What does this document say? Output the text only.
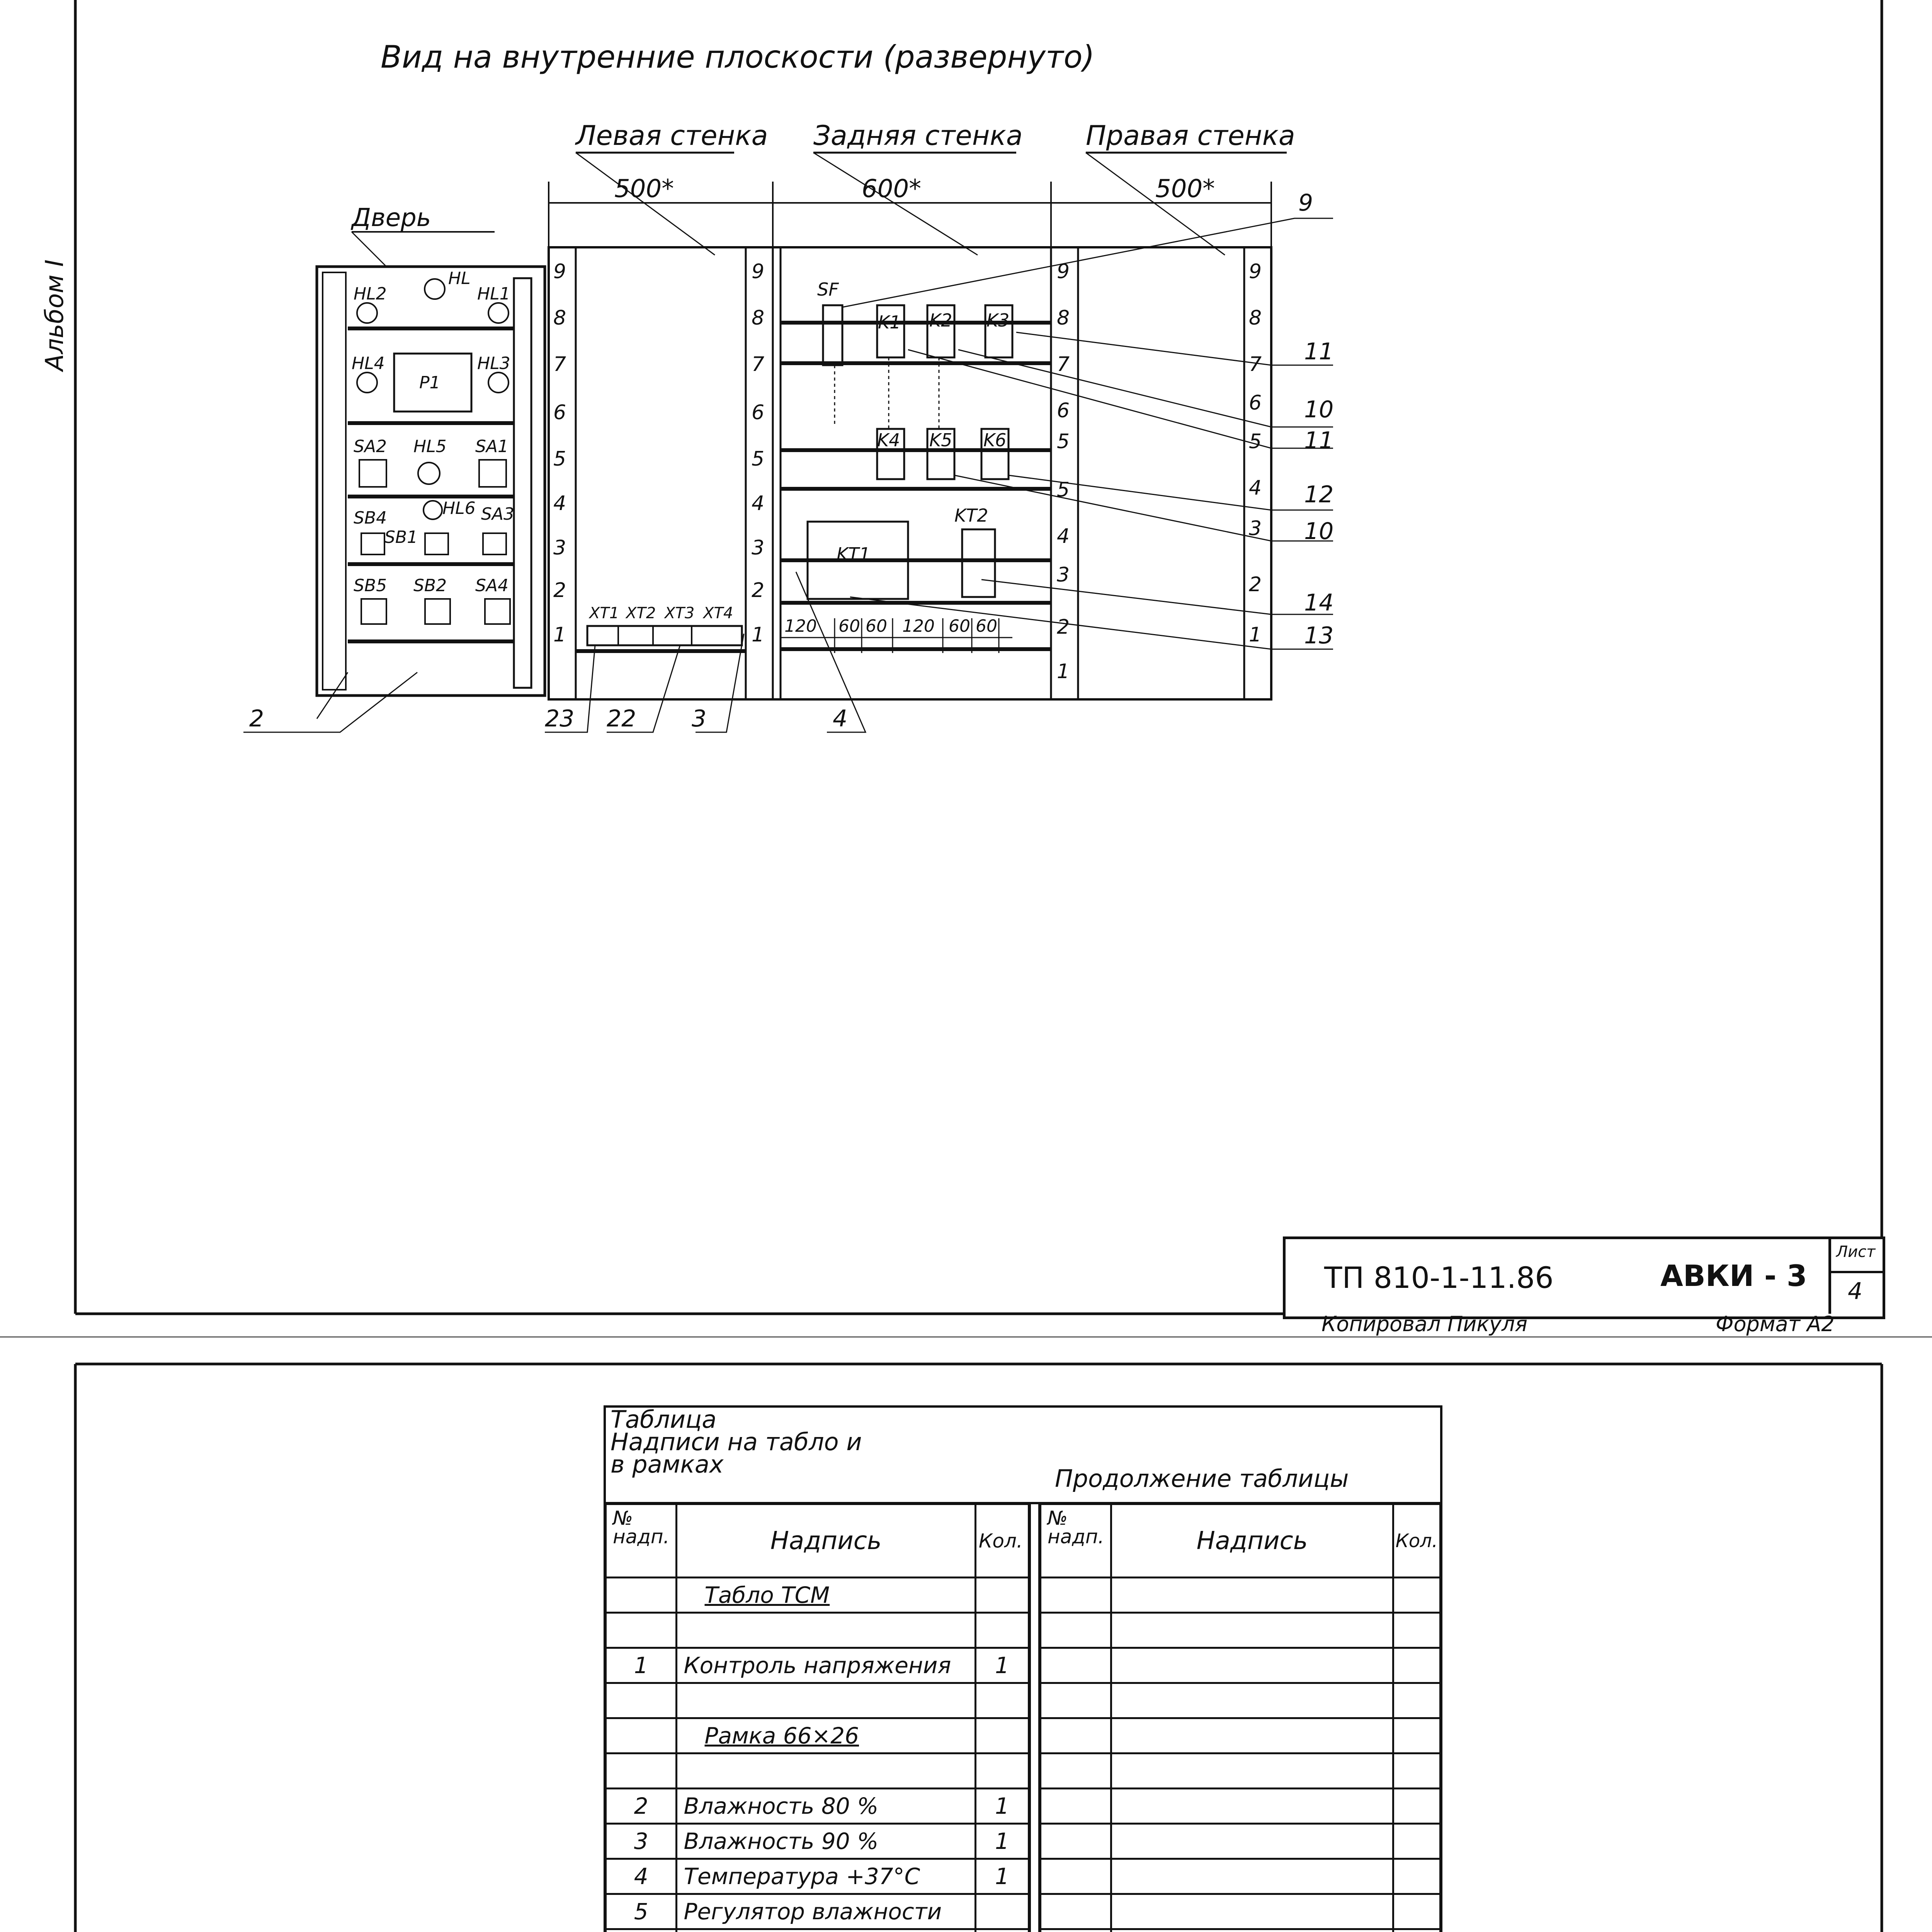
Альбом I
Вид на внутренние плоскости (развернуто)
Левая стенка Задняя стенка Правая стенка
500*	600*	500*
Дверь
HL2
HL
HL1
HL4	HL3
P1
SA2 HL5 SA1
SB4	HL6 SA3
SB1
SB5 SB2 SA4
9
8
7
6
5
4
3
2
1
9
8
7
6
5
4
3
2
1
9
8
7
6
5
5
4
3
2
1
9
8
7
6
5
4
3
2
1
SF
K1 K2 K3
K4 K5 K6
KT1
KT2
120 60 60 120 60 60
XT1 XT2 XT3 XT4
9
11
10
11
12
10
14
13
2	23 22 3	4
ТП 810-1-11.86	АВКИ - 3
Лист
4
Копировал Пикуля	Формат А2
Таблица
Надписи на табло и
в рамках
Продолжение таблицы
№
надп.	Надпись	Кол.
	Табло ТСМ	

1	Контроль напряжения	1

	Рамка 66×26	

2	Влажность 80 %	1
3	Влажность 90 %	1
4	Температура +37°С	1
5	Регулятор влажности	

№
надп.	Надпись	Кол.
